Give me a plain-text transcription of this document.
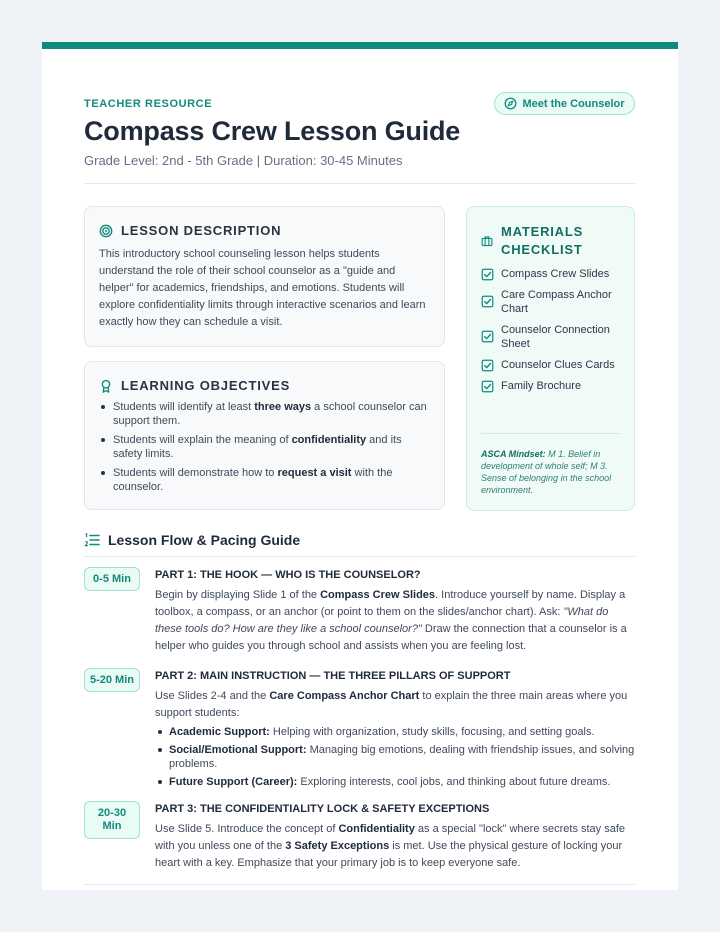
TEACHER RESOURCE	Meet the Counselor
Compass Crew Lesson Guide
Grade Level: 2nd - 5th Grade | Duration: 30-45 Minutes
LESSON DESCRIPTION

This introductory school counseling lesson helps students understand the role of their school counselor as a "guide and helper" for academics, friendships, and emotions. Students will explore confidentiality limits through interactive scenarios and learn exactly how they can schedule a visit.

LEARNING OBJECTIVES
Students will identify at least three ways a school counselor can support them.
Students will explain the meaning of confidentiality and its safety limits.
Students will demonstrate how to request a visit with the counselor.
MATERIALS CHECKLIST
Compass Crew Slides
Care Compass Anchor Chart
Counselor Connection Sheet
Counselor Clues Cards
Family Brochure

ASCA Mindset: M 1. Belief in development of whole self; M 3. Sense of belonging in the school environment.

Lesson Flow & Pacing Guide
0-5 Min	PART 1: THE HOOK — WHO IS THE COUNSELOR?

Begin by displaying Slide 1 of the Compass Crew Slides. Introduce yourself by name. Display a toolbox, a compass, or an anchor (or point to them on the slides/anchor chart). Ask: "What do these tools do? How are they like a school counselor?" Draw the connection that a counselor is a helper who guides you through school and assists when you are feeling lost.

5-20 Min	PART 2: MAIN INSTRUCTION — THE THREE PILLARS OF SUPPORT

Use Slides 2-4 and the Care Compass Anchor Chart to explain the three main areas where you support students:

Academic Support: Helping with organization, study skills, focusing, and setting goals.
Social/Emotional Support: Managing big emotions, dealing with friendship issues, and solving problems.
Future Support (Career): Exploring interests, cool jobs, and thinking about future dreams.
20-30 Min
PART 3: THE CONFIDENTIALITY LOCK & SAFETY EXCEPTIONS

Use Slide 5. Introduce the concept of Confidentiality as a special "lock" where secrets stay safe with you unless one of the 3 Safety Exceptions is met. Use the physical gesture of locking your heart with a key. Emphasize that your primary job is to keep everyone safe.
